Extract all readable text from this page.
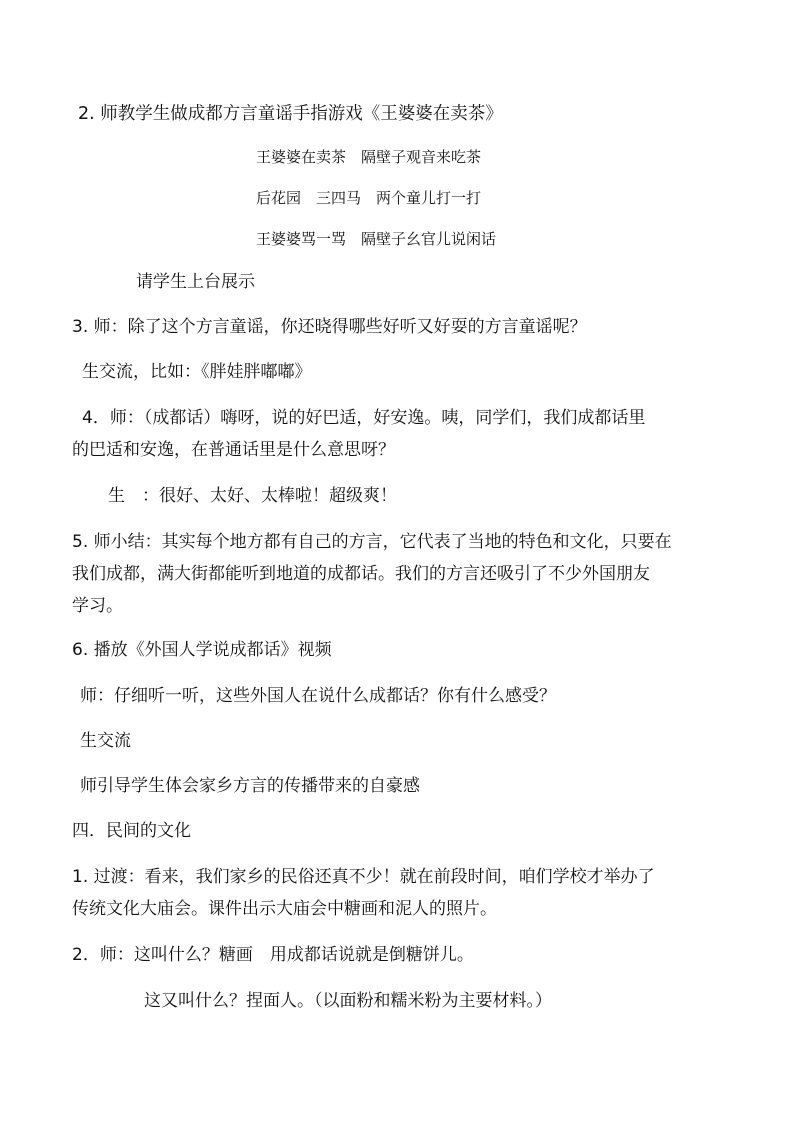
2. 师教学生做成都方言童谣手指游戏《王婆婆在卖茶》
王婆婆在卖茶　隔壁子观音来吃茶
后花园　三四马　两个童儿打一打
王婆婆骂一骂　隔壁子幺官儿说闲话
请学生上台展示
3. 师：除了这个方言童谣，你还晓得哪些好听又好耍的方言童谣呢？
生交流，比如：《胖娃胖嘟嘟》
4．师：（成都话）嗨呀，说的好巴适，好安逸。咦，同学们，我们成都话里
的巴适和安逸，在普通话里是什么意思呀？
生　：很好、太好、太棒啦！超级爽！
5. 师小结：其实每个地方都有自己的方言，它代表了当地的特色和文化，只要在
我们成都，满大街都能听到地道的成都话。我们的方言还吸引了不少外国朋友
学习。
6. 播放《外国人学说成都话》视频
师：仔细听一听，这些外国人在说什么成都话？你有什么感受？
生交流
师引导学生体会家乡方言的传播带来的自豪感
四．民间的文化
1. 过渡：看来，我们家乡的民俗还真不少！就在前段时间，咱们学校才举办了
传统文化大庙会。课件出示大庙会中糖画和泥人的照片。
2．师：这叫什么？糖画　用成都话说就是倒糖饼儿。
这又叫什么？捏面人。（以面粉和糯米粉为主要材料。）
